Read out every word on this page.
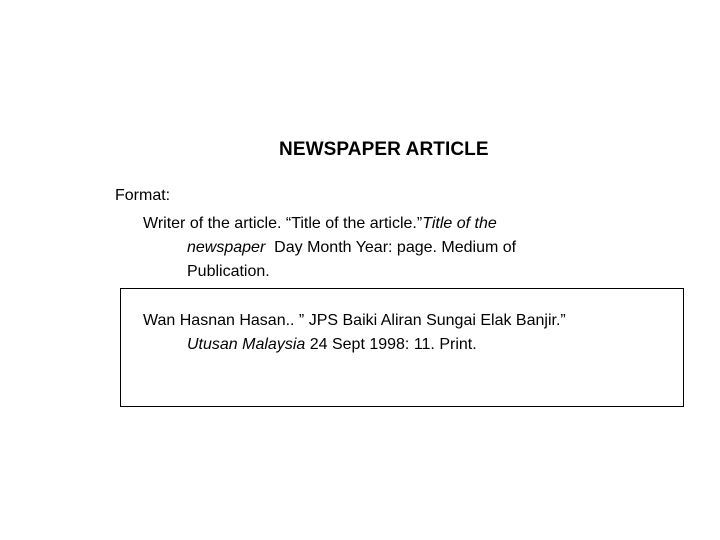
NEWSPAPER ARTICLE
Format:
Writer of the article. “Title of the article.”Title of the
newspaper Day Month Year: page. Medium of
Publication.
Wan Hasnan Hasan.. ” JPS Baiki Aliran Sungai Elak Banjir.”
Utusan Malaysia 24 Sept 1998: 11. Print.
